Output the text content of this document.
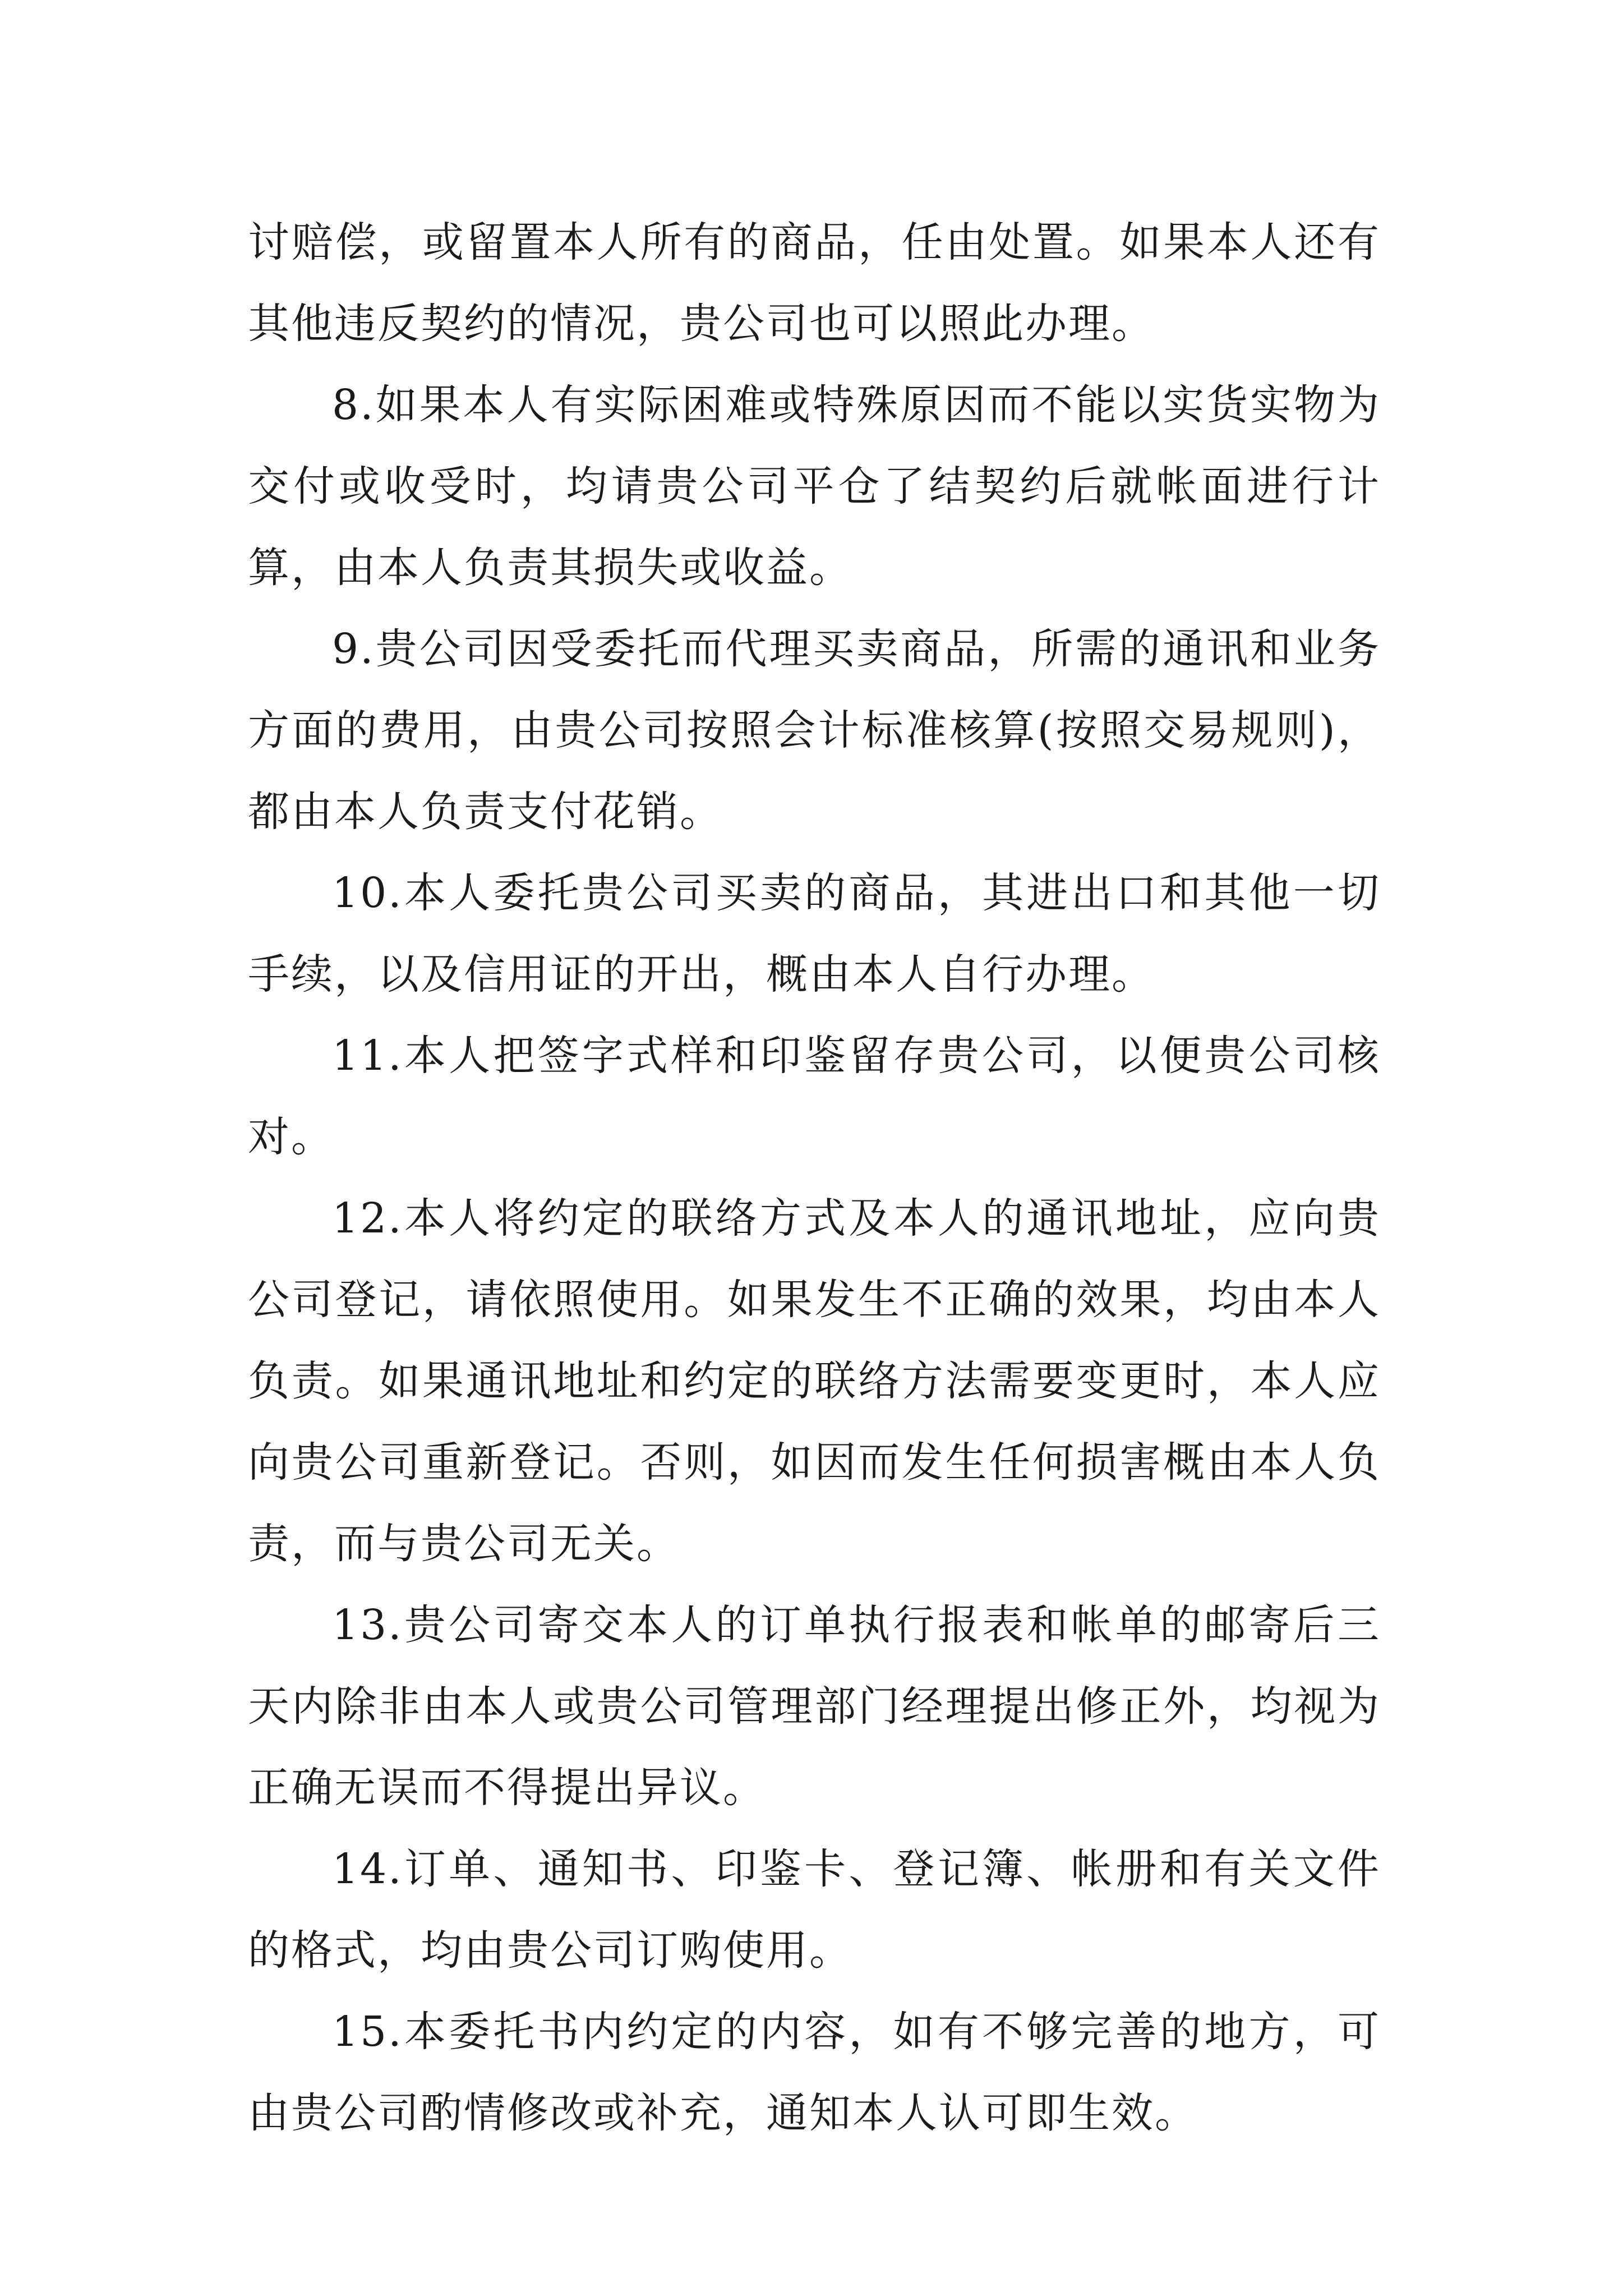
讨赔偿，或留置本人所有的商品，任由处置。如果本人还有其他违反契约的情况，贵公司也可以照此办理。

8.如果本人有实际困难或特殊原因而不能以实货实物为交付或收受时，均请贵公司平仓了结契约后就帐面进行计算，由本人负责其损失或收益。

9.贵公司因受委托而代理买卖商品，所需的通讯和业务方面的费用，由贵公司按照会计标准核算(按照交易规则)，都由本人负责支付花销。

10.本人委托贵公司买卖的商品，其进出口和其他一切手续，以及信用证的开出，概由本人自行办理。

11.本人把签字式样和印鉴留存贵公司，以便贵公司核对。

12.本人将约定的联络方式及本人的通讯地址，应向贵公司登记，请依照使用。如果发生不正确的效果，均由本人负责。如果通讯地址和约定的联络方法需要变更时，本人应向贵公司重新登记。否则，如因而发生任何损害概由本人负责，而与贵公司无关。

13.贵公司寄交本人的订单执行报表和帐单的邮寄后三天内除非由本人或贵公司管理部门经理提出修正外，均视为正确无误而不得提出异议。

14.订单、通知书、印鉴卡、登记簿、帐册和有关文件的格式，均由贵公司订购使用。

15.本委托书内约定的内容，如有不够完善的地方，可由贵公司酌情修改或补充，通知本人认可即生效。
